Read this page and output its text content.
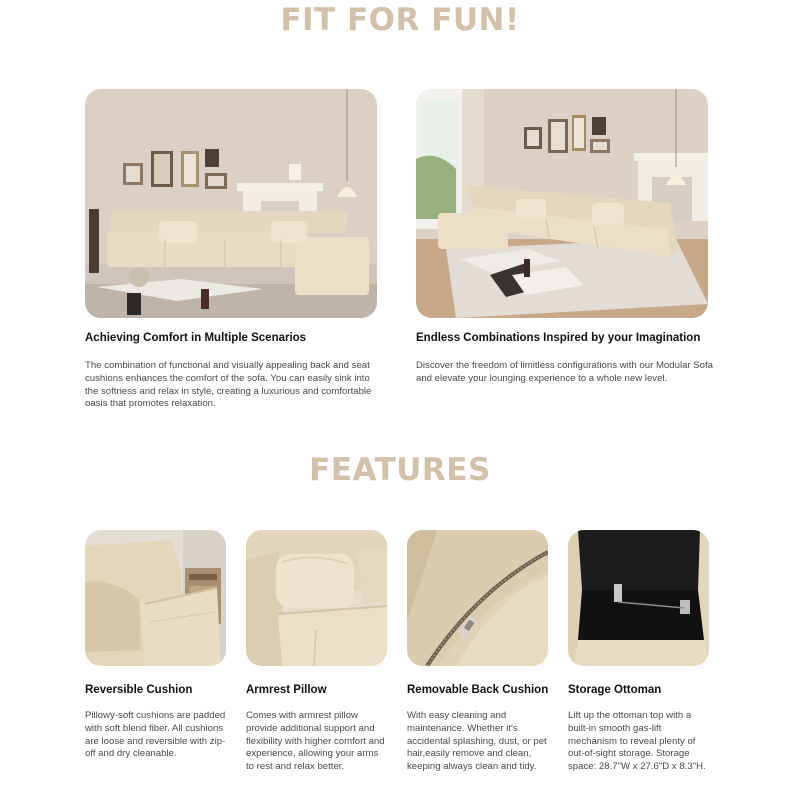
FIT FOR FUN!
FEATURES
Achieving Comfort in Multiple Scenarios
The combination of functional and visually appealing back and seat cushions enhances the comfort of the sofa. You can easily sink into the softness and relax in style, creating a luxurious and comfortable oasis that promotes relaxation.
Endless Combinations Inspired by your Imagination
Discover the freedom of limitless configurations with our Modular Sofa and elevate your lounging experience to a whole new level.
Reversible Cushion
Pillowy-soft cushions are padded with soft blend fiber. All cushions are loose and reversible with zip-off and dry cleanable.
Armrest Pillow
Comes with armrest pillow provide additional support and flexibility with higher comfort and experience, allowing your arms to rest and relax better.
Removable Back Cushion
With easy cleaning and maintenance. Whether it's accidental splashing, dust, or pet hair,easily remove and clean, keeping always clean and tidy.
Storage Ottoman
Lift up the ottoman top with a built-in smooth gas-lift mechanism to reveal plenty of out-of-sight storage. Storage space: 28.7"W x 27.6"D x 8.3"H.
